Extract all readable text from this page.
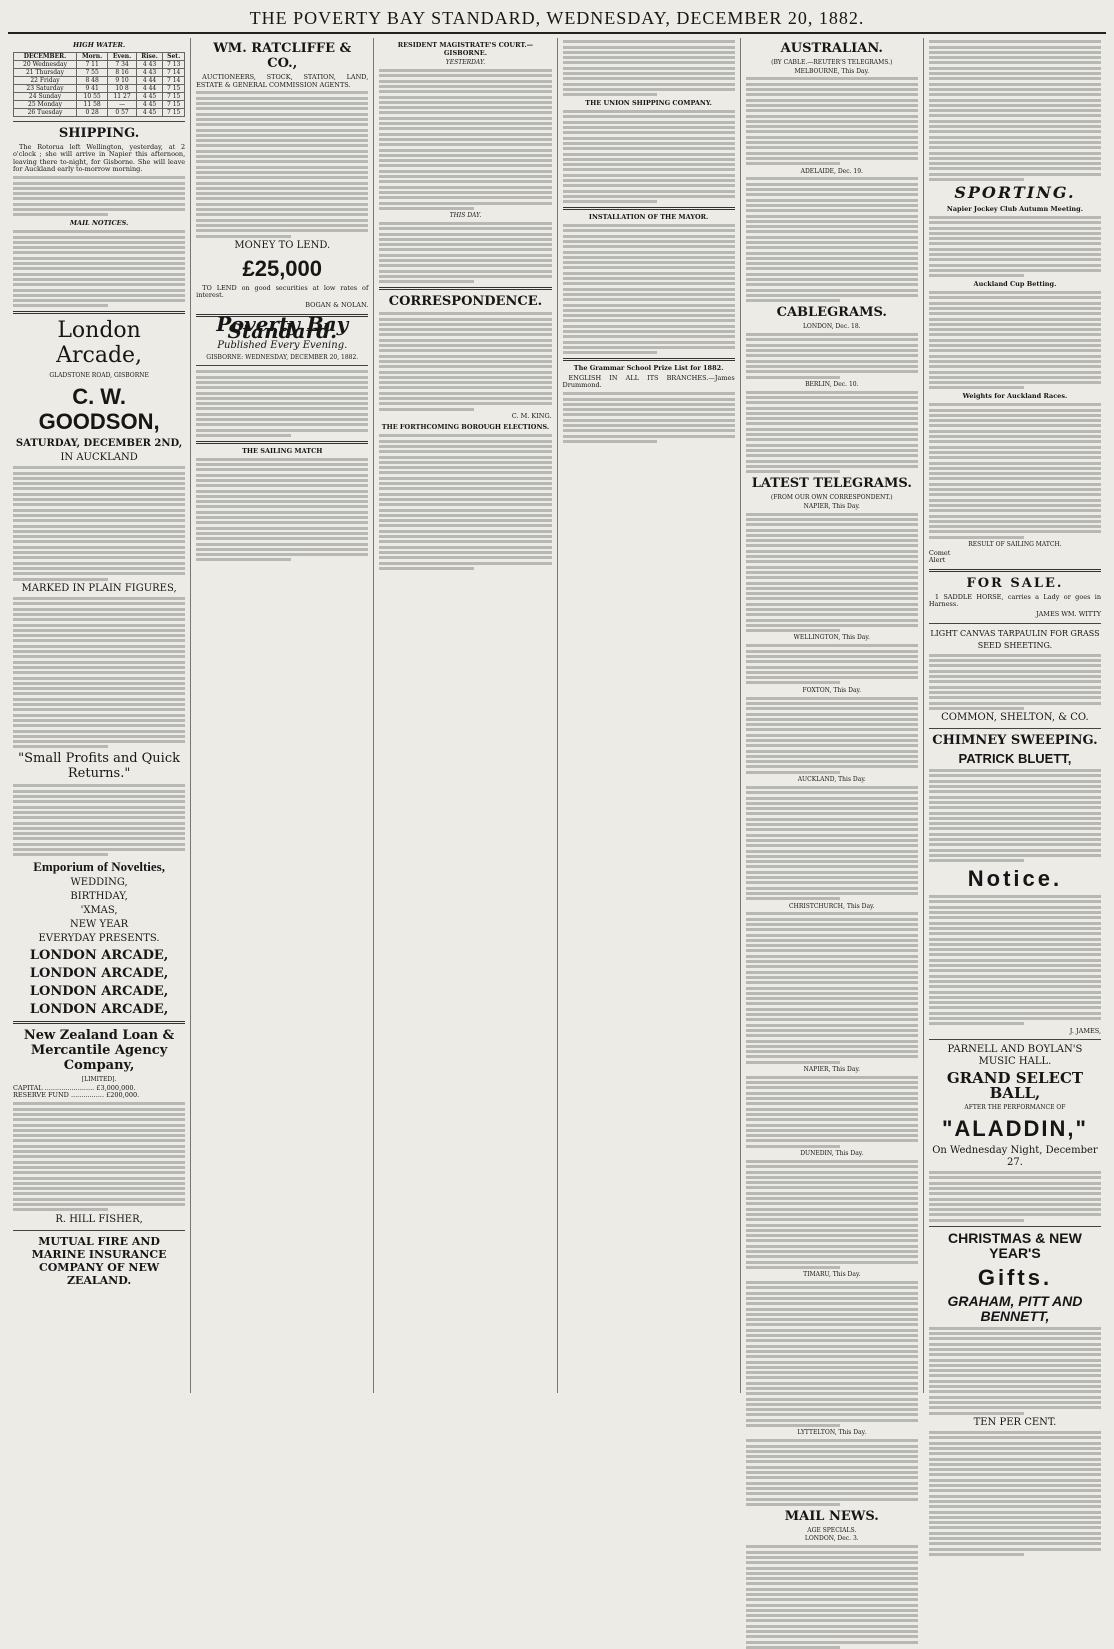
THE POVERTY BAY STANDARD, WEDNESDAY, DECEMBER 20, 1882.
HIGH WATER.
DECEMBER.	Morn.	Even.	Rise.	Set.
20 Wednesday	7 11	7 34	4 43	7 13
21 Thursday	7 55	8 16	4 43	7 14
22 Friday	8 48	9 10	4 44	7 14
23 Saturday	9 41	10 8	4 44	7 15
24 Sunday	10 55	11 27	4 45	7 15
25 Monday	11 58	—	4 45	7 15
26 Tuesday	0 28	0 57	4 45	7 15
SHIPPING.

The Rotorua left Wellington, yesterday, at 2 o'clock ; she will arrive in Napier this afternoon, leaving there to-night, for Gisborne. She will leave for Auckland early to-morrow morning.

MAIL NOTICES.

London Arcade,
GLADSTONE ROAD, GISBORNE
C. W. GOODSON,
SATURDAY, DECEMBER 2ND,
IN AUCKLAND

MARKED IN PLAIN FIGURES,

"Small Profits and Quick Returns."

Emporium of Novelties,
WEDDING,
BIRTHDAY,
'XMAS,
NEW YEAR
EVERYDAY PRESENTS.
LONDON ARCADE,
LONDON ARCADE,
LONDON ARCADE,
LONDON ARCADE,
New Zealand Loan & Mercantile Agency Company,
[LIMITED].
CAPITAL ........................ £3,000,000.
RESERVE FUND ................ £200,000.

R. HILL FISHER,
MUTUAL FIRE AND MARINE INSURANCE COMPANY OF NEW ZEALAND.
WM. RATCLIFFE & CO.,

AUCTIONEERS, STOCK, STATION, LAND, ESTATE & GENERAL COMMISSION AGENTS.

MONEY TO LEND.
£25,000

TO LEND on good securities at low rates of interest.

BOGAN & NOLAN.
Poverty Bay Standard.
Published Every Evening.
GISBORNE: WEDNESDAY, DECEMBER 20, 1882.

THE SAILING MATCH

RESIDENT MAGISTRATE'S COURT.—GISBORNE.
YESTERDAY.

THIS DAY.

CORRESPONDENCE.

C. M. KING.
THE FORTHCOMING BOROUGH ELECTIONS.

THE UNION SHIPPING COMPANY.

INSTALLATION OF THE MAYOR.

The Grammar School Prize List for 1882.

ENGLISH IN ALL ITS BRANCHES.—James Drummond.

AUSTRALIAN.
(BY CABLE.—REUTER'S TELEGRAMS.)
MELBOURNE, This Day.

ADELAIDE, Dec. 19.

CABLEGRAMS.
LONDON, Dec. 18.

BERLIN, Dec. 10.

LATEST TELEGRAMS.
(FROM OUR OWN CORRESPONDENT.)
NAPIER, This Day.

WELLINGTON, This Day.

FOXTON, This Day.

AUCKLAND, This Day.

CHRISTCHURCH, This Day.

NAPIER, This Day.

DUNEDIN, This Day.

TIMARU, This Day.

LYTTELTON, This Day.

MAIL NEWS.
AGE SPECIALS.
LONDON, Dec. 3.

SPORTING.
Napier Jockey Club Autumn Meeting.

Auckland Cup Betting.

Weights for Auckland Races.

RESULT OF SAILING MATCH.
Comet
Alert
FOR SALE.

1 SADDLE HORSE, carries a Lady or goes in Harness.

JAMES WM. WITTY
LIGHT CANVAS TARPAULIN FOR GRASS SEED SHEETING.

COMMON, SHELTON, & CO.
CHIMNEY SWEEPING.
PATRICK BLUETT,

Notice.

J. JAMES,
PARNELL AND BOYLAN'S MUSIC HALL.
GRAND SELECT BALL,
AFTER THE PERFORMANCE OF
"ALADDIN,"
On Wednesday Night, December 27.

CHRISTMAS & NEW YEAR'S
Gifts.
GRAHAM, PITT AND BENNETT,

TEN PER CENT.
